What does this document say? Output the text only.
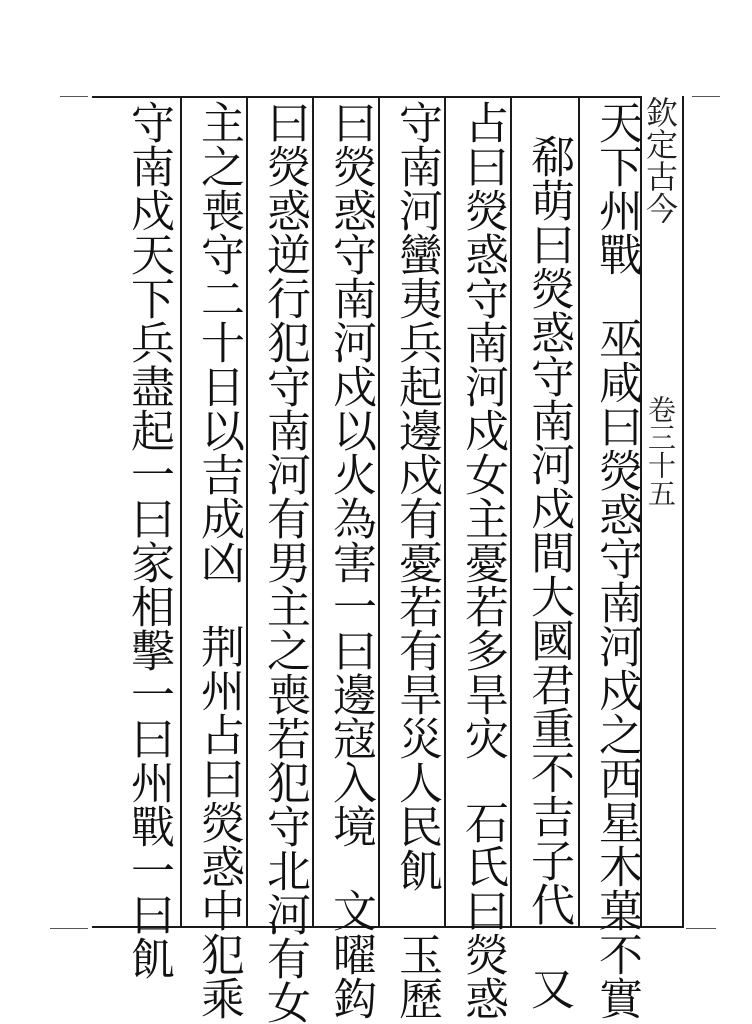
欽定古今
卷三十五
天下州戰巫咸曰熒惑守南河戍之西星木菓不實
郗萌曰熒惑守南河戍間大國君重不吉子代又
占曰熒惑守南河戍女主憂若多旱灾石氏曰熒惑
守南河蠻夷兵起邊戍有憂若有旱災人民飢玉歷
曰熒惑守南河戍以火為害一曰邊寇入境文曜鈎
曰熒惑逆行犯守南河有男主之喪若犯守北河有女
主之喪守二十日以吉成凶荆州占曰熒惑中犯乘
守南戍天下兵盡起一曰家相擊一曰州戰一曰飢
